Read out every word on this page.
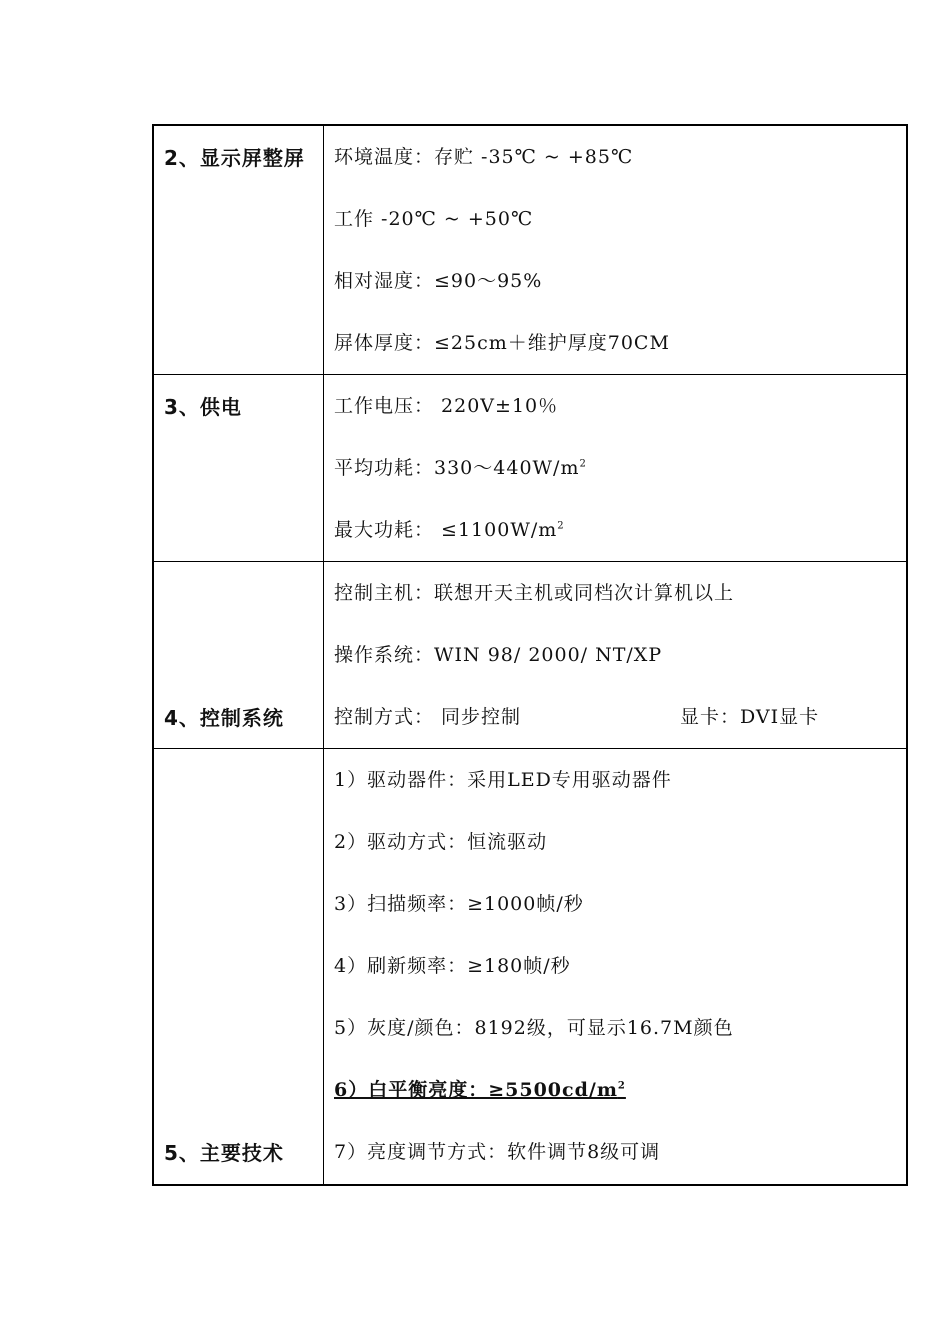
2、显示屏整屏 环境温度：存贮 -35℃ ~ +85℃
工作 -20℃ ~ +50℃
相对湿度：≤90～95%
屏体厚度：≤25cm＋维护厚度70CM
3、供电	工作电压： 220V±10％
平均功耗：$330\sim 440W/m^2$
最大功耗： $\le 1100W/m^2$
4、控制系统
控制主机：联想开天主机或同档次计算机以上
操作系统：WIN 98/ 2000/ NT/XP
控制方式： 同步控制	显卡：DVI显卡
5、主要技术
1）驱动器件：采用LED专用驱动器件
2）驱动方式：恒流驱动
3）扫描频率：≥1000帧/秒
4）刷新频率：≥180帧/秒
5）灰度/颜色：8192级，可显示16.7M颜色
6）白平衡亮度：$\ge 5500cd/m^2$
7）亮度调节方式：软件调节8级可调
